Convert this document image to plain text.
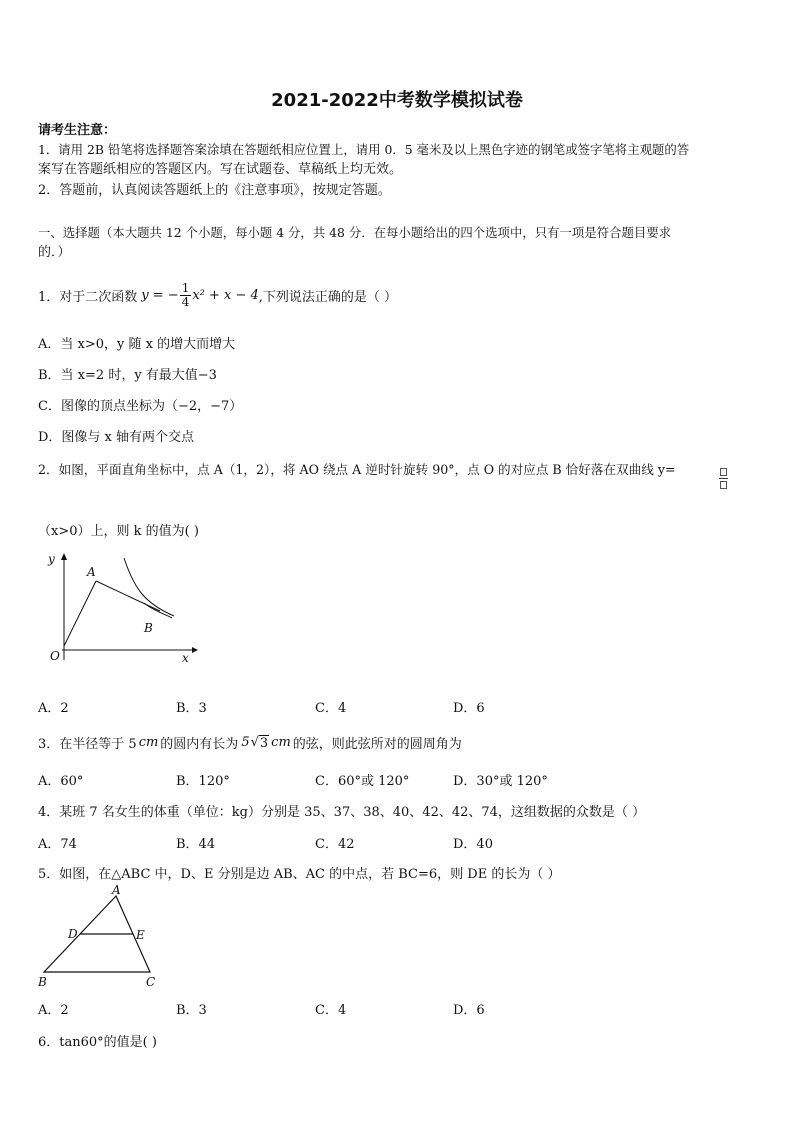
2021-2022中考数学模拟试卷
请考生注意：
1．请用 2B 铅笔将选择题答案涂填在答题纸相应位置上，请用 0．5 毫米及以上黑色字迹的钢笔或签字笔将主观题的答
案写在答题纸相应的答题区内。写在试题卷、草稿纸上均无效。
2．答题前，认真阅读答题纸上的《注意事项》，按规定答题。
一、选择题（本大题共 12 个小题，每小题 4 分，共 48 分．在每小题给出的四个选项中，只有一项是符合题目要求
的．）
1．对于二次函数 y = − $\frac{1}{4} x^2 + x - 4$ ,下列说法正确的是（ ）
A．当 x>0，y 随 x 的增大而增大
B．当 x=2 时，y 有最大值−3
C．图像的顶点坐标为（−2，−7）
D．图像与 x 轴有两个交点
2．如图，平面直角坐标中，点 A（1，2），将 AO 绕点 A 逆时针旋转 90°，点 O 的对应点 B 恰好落在双曲线 y=
（x>0）上，则 k 的值为( )
y
x
O
A
B
A．2	B．3	C．4	D．6
3．在半径等于 5 cm 的圆内有长为 5 √ 3 cm 的弦，则此弦所对的圆周角为
A．60°	B．120°	C．60°或 120°	D．30°或 120°
4．某班 7 名女生的体重（单位：kg）分别是 35、37、38、40、42、42、74，这组数据的众数是（ ）
A．74	B．44	C．42	D．40
5．如图，在△ABC 中，D、E 分别是边 AB、AC 的中点，若 BC=6，则 DE 的长为（ ）
A
B	C
D	E
A．2	B．3	C．4	D．6
6．tan60°的值是( )
